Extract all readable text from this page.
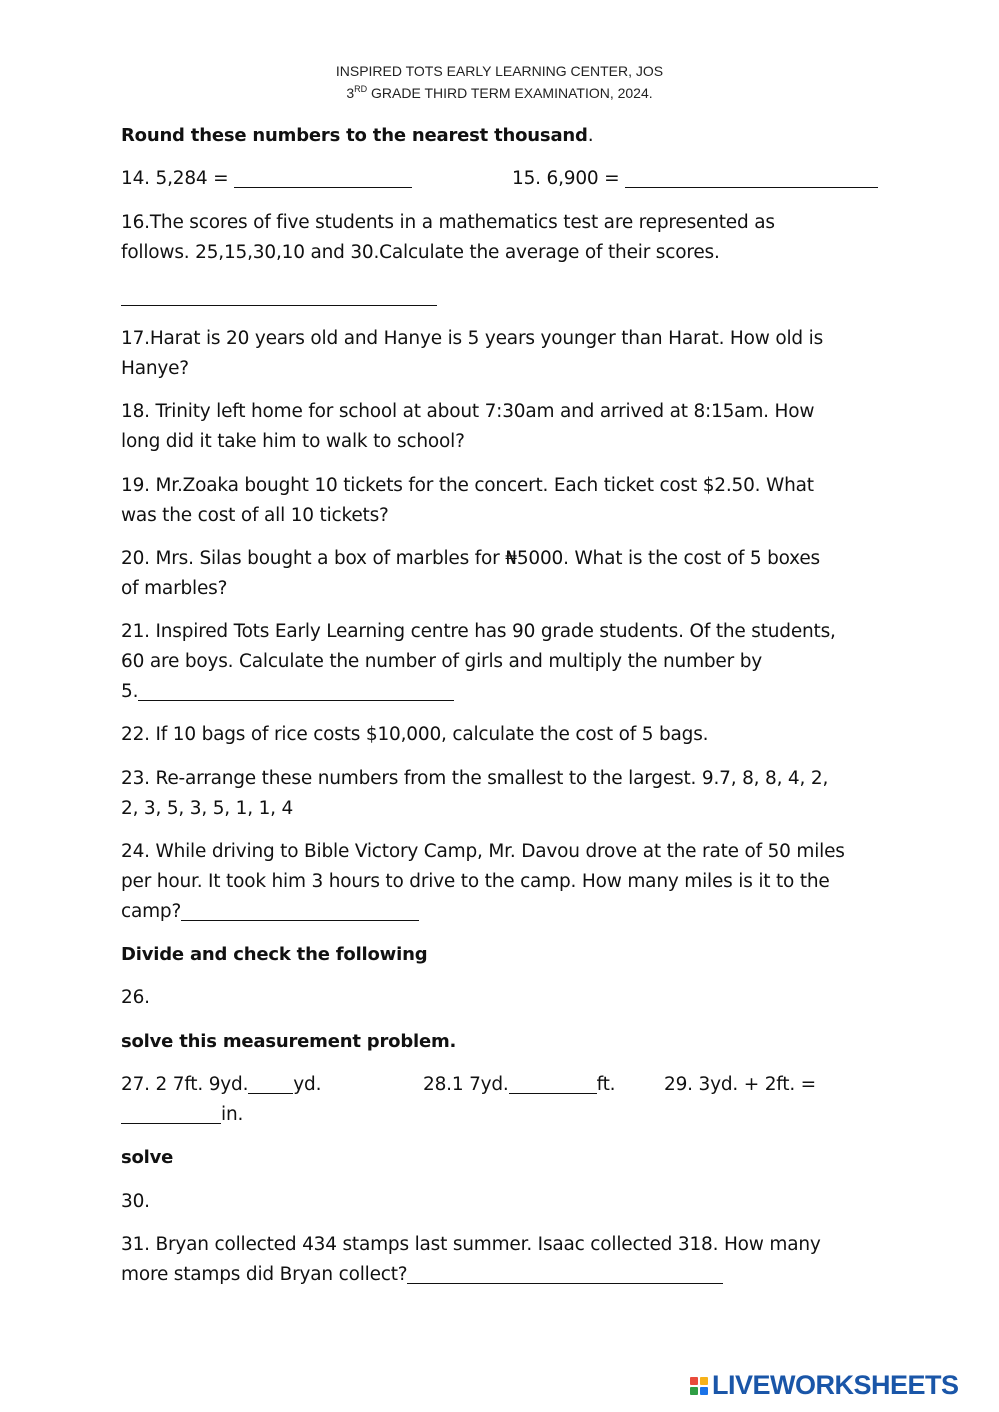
INSPIRED TOTS EARLY LEARNING CENTER, JOS
3RD GRADE THIRD TERM EXAMINATION, 2024.
Round these numbers to the nearest thousand.
14. 5,284 =	15. 6,900 =
16.The scores of five students in a mathematics test are represented as
follows. 25,15,30,10 and 30.Calculate the average of their scores.
17.Harat is 20 years old and Hanye is 5 years younger than Harat. How old is
Hanye?
18. Trinity left home for school at about 7:30am and arrived at 8:15am. How
long did it take him to walk to school?
19. Mr.Zoaka bought 10 tickets for the concert. Each ticket cost $2.50. What
was the cost of all 10 tickets?
20. Mrs. Silas bought a box of marbles for ₦5000. What is the cost of 5 boxes
of marbles?
21. Inspired Tots Early Learning centre has 90 grade students. Of the students,
60 are boys. Calculate the number of girls and multiply the number by
5.
22. If 10 bags of rice costs $10,000, calculate the cost of 5 bags.
23. Re-arrange these numbers from the smallest to the largest. 9.7, 8, 8, 4, 2,
2, 3, 5, 3, 5, 1, 1, 4
24. While driving to Bible Victory Camp, Mr. Davou drove at the rate of 50 miles
per hour. It took him 3 hours to drive to the camp. How many miles is it to the
camp?
Divide and check the following
26.
solve this measurement problem.
27. 2 7ft. 9yd. yd.	28.1 7yd.	ft.	29. 3yd. + 2ft. =
in.
solve
30.
31. Bryan collected 434 stamps last summer. Isaac collected 318. How many
more stamps did Bryan collect?
LIVEWORKSHEETS
